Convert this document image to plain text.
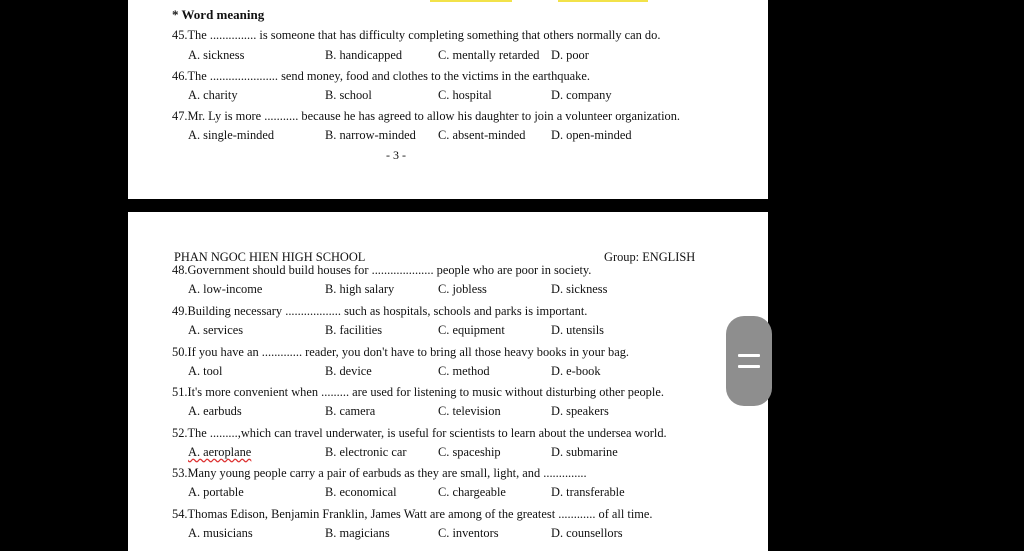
* Word meaning
45.The ............... is someone that has difficulty completing something that others normally can do.
A. sickness	B. handicapped	C. mentally retarded D. poor
46.The ...................... send money, food and clothes to the victims in the earthquake.
A. charity	B. school	C. hospital	D. company
47.Mr. Ly is more ........... because he has agreed to allow his daughter to join a volunteer organization.
A. single-minded	B. narrow-minded C. absent-minded D. open-minded
- 3 -
PHAN NGOC HIEN HIGH SCHOOL	Group: ENGLISH
48.Government should build houses for .................... people who are poor in society.
A. low-income	B. high salary	C. jobless	D. sickness
49.Building necessary .................. such as hospitals, schools and parks is important.
A. services	B. facilities	C. equipment	D. utensils
50.If you have an ............. reader, you don't have to bring all those heavy books in your bag.
A. tool	B. device	C. method	D. e-book
51.It's more convenient when ......... are used for listening to music without disturbing other people.
A. earbuds	B. camera	C. television	D. speakers
52.The .........,which can travel underwater, is useful for scientists to learn about the undersea world.
A. aeroplane	B. electronic car	C. spaceship	D. submarine
53.Many young people carry a pair of earbuds as they are small, light, and ..............
A. portable	B. economical	C. chargeable	D. transferable
54.Thomas Edison, Benjamin Franklin, James Watt are among of the greatest ............ of all time.
A. musicians	B. magicians	C. inventors	D. counsellors
